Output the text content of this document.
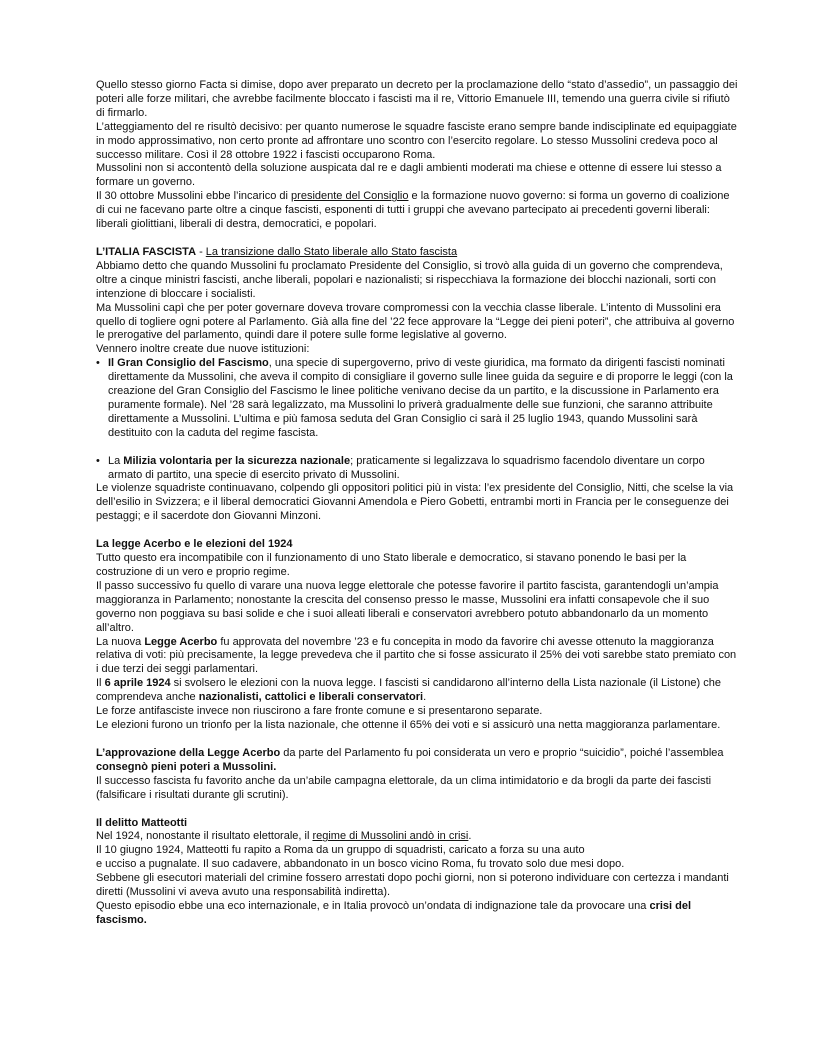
Quello stesso giorno Facta si dimise, dopo aver preparato un decreto per la proclamazione dello “stato d’assedio”, un passaggio dei poteri alle forze militari, che avrebbe facilmente bloccato i fascisti ma il re, Vittorio Emanuele III, temendo una guerra civile si rifiutò di firmarlo.

L’atteggiamento del re risultò decisivo: per quanto numerose le squadre fasciste erano sempre bande indisciplinate ed equipaggiate in modo approssimativo, non certo pronte ad affrontare uno scontro con l’esercito regolare. Lo stesso Mussolini credeva poco al successo militare. Così il 28 ottobre 1922 i fascisti occuparono Roma.

Mussolini non si accontentò della soluzione auspicata dal re e dagli ambienti moderati ma chiese e ottenne di essere lui stesso a formare un governo.

Il 30 ottobre Mussolini ebbe l’incarico di presidente del Consiglio e la formazione nuovo governo: si forma un governo di coalizione di cui ne facevano parte oltre a cinque fascisti, esponenti di tutti i gruppi che avevano partecipato ai precedenti governi liberali: liberali giolittiani, liberali di destra, democratici, e popolari.

L’ITALIA FASCISTA - La transizione dallo Stato liberale allo Stato fascista

Abbiamo detto che quando Mussolini fu proclamato Presidente del Consiglio, si trovò alla guida di un governo che comprendeva, oltre a cinque ministri fascisti, anche liberali, popolari e nazionalisti; si rispecchiava la formazione dei blocchi nazionali, sorti con intenzione di bloccare i socialisti.

Ma Mussolini capì che per poter governare doveva trovare compromessi con la vecchia classe liberale. L’intento di Mussolini era quello di togliere ogni potere al Parlamento. Già alla fine del ’22 fece approvare la “Legge dei pieni poteri”, che attribuiva al governo le prerogative del parlamento, quindi dare il potere sulle forme legislative al governo.

Vennero inoltre create due nuove istituzioni:

• Il Gran Consiglio del Fascismo, una specie di supergoverno, privo di veste giuridica, ma formato da dirigenti fascisti nominati direttamente da Mussolini, che aveva il compito di consigliare il governo sulle linee guida da seguire e di proporre le leggi (con la creazione del Gran Consiglio del Fascismo le linee politiche venivano decise da un partito, e la discussione in Parlamento era puramente formale). Nel ’28 sarà legalizzato, ma Mussolini lo priverà gradualmente delle sue funzioni, che saranno attribuite direttamente a Mussolini. L’ultima e più famosa seduta del Gran Consiglio ci sarà il 25 luglio 1943, quando Mussolini sarà destituito con la caduta del regime fascista.
• La Milizia volontaria per la sicurezza nazionale; praticamente si legalizzava lo squadrismo facendolo diventare un corpo armato di partito, una specie di esercito privato di Mussolini.

Le violenze squadriste continuavano, colpendo gli oppositori politici più in vista: l’ex presidente del Consiglio, Nitti, che scelse la via dell’esilio in Svizzera; e il liberal democratici Giovanni Amendola e Piero Gobetti, entrambi morti in Francia per le conseguenze dei pestaggi; e il sacerdote don Giovanni Minzoni.

La legge Acerbo e le elezioni del 1924

Tutto questo era incompatibile con il funzionamento di uno Stato liberale e democratico, si stavano ponendo le basi per la costruzione di un vero e proprio regime.

Il passo successivo fu quello di varare una nuova legge elettorale che potesse favorire il partito fascista, garantendogli un’ampia maggioranza in Parlamento; nonostante la crescita del consenso presso le masse, Mussolini era infatti consapevole che il suo governo non poggiava su basi solide e che i suoi alleati liberali e conservatori avrebbero potuto abbandonarlo da un momento all’altro.

La nuova Legge Acerbo fu approvata del novembre ’23 e fu concepita in modo da favorire chi avesse ottenuto la maggioranza relativa di voti: più precisamente, la legge prevedeva che il partito che si fosse assicurato il 25% dei voti sarebbe stato premiato con i due terzi dei seggi parlamentari.

Il 6 aprile 1924 si svolsero le elezioni con la nuova legge. I fascisti si candidarono all’interno della Lista nazionale (il Listone) che comprendeva anche nazionalisti, cattolici e liberali conservatori.

Le forze antifasciste invece non riuscirono a fare fronte comune e si presentarono separate.

Le elezioni furono un trionfo per la lista nazionale, che ottenne il 65% dei voti e si assicurò una netta maggioranza parlamentare.

L’approvazione della Legge Acerbo da parte del Parlamento fu poi considerata un vero e proprio “suicidio”, poiché l’assemblea consegnò pieni poteri a Mussolini.

Il successo fascista fu favorito anche da un’abile campagna elettorale, da un clima intimidatorio e da brogli da parte dei fascisti (falsificare i risultati durante gli scrutini).

Il delitto Matteotti

Nel 1924, nonostante il risultato elettorale, il regime di Mussolini andò in crisi.

Il 10 giugno 1924, Matteotti fu rapito a Roma da un gruppo di squadristi, caricato a forza su una auto

e ucciso a pugnalate. Il suo cadavere, abbandonato in un bosco vicino Roma, fu trovato solo due mesi dopo.

Sebbene gli esecutori materiali del crimine fossero arrestati dopo pochi giorni, non si poterono individuare con certezza i mandanti diretti (Mussolini vi aveva avuto una responsabilità indiretta).

Questo episodio ebbe una eco internazionale, e in Italia provocò un’ondata di indignazione tale da provocare una crisi del fascismo.
